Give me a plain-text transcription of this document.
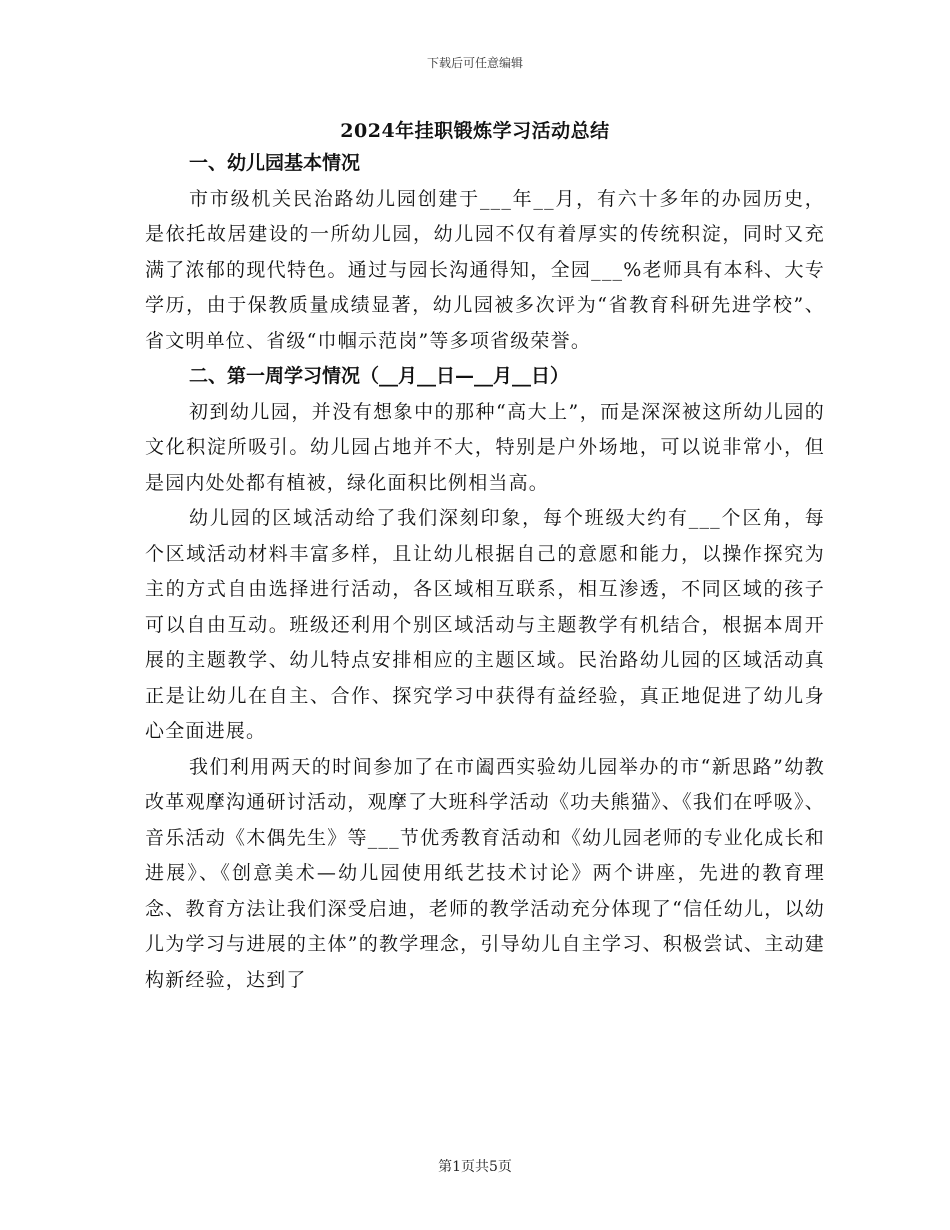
下载后可任意编辑
2024年挂职锻炼学习活动总结

一、幼儿园基本情况

市市级机关民治路幼儿园创建于___年__月，有六十多年的办园历史，是依托故居建设的一所幼儿园，幼儿园不仅有着厚实的传统积淀，同时又充满了浓郁的现代特色。通过与园长沟通得知，全园___%老师具有本科、大专学历，由于保教质量成绩显著，幼儿园被多次评为“省教育科研先进学校”、省文明单位、省级“巾帼示范岗”等多项省级荣誉。

二、第一周学习情况（__月__日—__月__日）

初到幼儿园，并没有想象中的那种“高大上”，而是深深被这所幼儿园的文化积淀所吸引。幼儿园占地并不大，特别是户外场地，可以说非常小，但是园内处处都有植被，绿化面积比例相当高。

幼儿园的区域活动给了我们深刻印象，每个班级大约有___个区角，每个区域活动材料丰富多样，且让幼儿根据自己的意愿和能力，以操作探究为主的方式自由选择进行活动，各区域相互联系，相互渗透，不同区域的孩子可以自由互动。班级还利用个别区域活动与主题教学有机结合，根据本周开展的主题教学、幼儿特点安排相应的主题区域。民治路幼儿园的区域活动真正是让幼儿在自主、合作、探究学习中获得有益经验，真正地促进了幼儿身心全面进展。

我们利用两天的时间参加了在市阖西实验幼儿园举办的市“新思路”幼教改革观摩沟通研讨活动，观摩了大班科学活动《功夫熊猫》、《我们在呼吸》、音乐活动《木偶先生》等___节优秀教育活动和《幼儿园老师的专业化成长和进展》、《创意美术—幼儿园使用纸艺技术讨论》两个讲座，先进的教育理念、教育方法让我们深受启迪，老师的教学活动充分体现了“信任幼儿，以幼儿为学习与进展的主体”的教学理念，引导幼儿自主学习、积极尝试、主动建构新经验，达到了

第1页共5页
